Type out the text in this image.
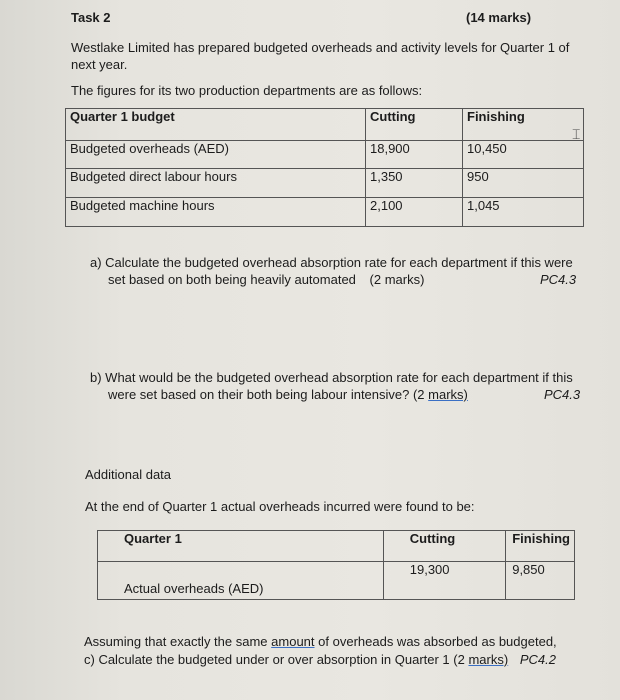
Task 2	(14 marks)
Westlake Limited has prepared budgeted overheads and activity levels for Quarter 1 of
next year.
The figures for its two production departments are as follows:
Quarter 1 budget	Cutting	Finishing
Budgeted overheads (AED)	18,900	10,450
Budgeted direct labour hours	1,350	950
Budgeted machine hours	2,100	1,045
⌶
a) Calculate the budgeted overhead absorption rate for each department if this were
set based on both being heavily automated (2 marks)	PC4.3
b) What would be the budgeted overhead absorption rate for each department if this
were set based on their both being labour intensive? (2 marks)	PC4.3
Additional data
At the end of Quarter 1 actual overheads incurred were found to be:
Quarter 1	Cutting	Finishing
Actual overheads (AED)	19,300	9,850
Assuming that exactly the same amount of overheads was absorbed as budgeted,
c) Calculate the budgeted under or over absorption in Quarter 1 (2 marks) PC4.2
